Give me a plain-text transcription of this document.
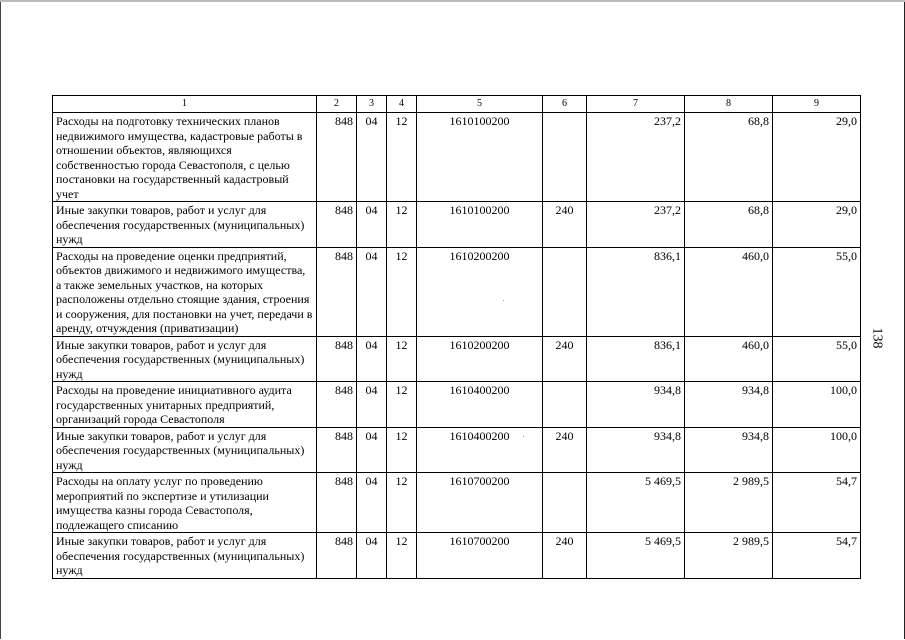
1	2	3	4	5	6	7	8	9
Расходы на подготовку технических планов недвижимого имущества, кадастровые работы в отношении объектов, являющихся собственностью города Севастополя, с целью постановки на государственный кадастровый учет	848	04	12	1610100200		237,2	68,8	29,0
Иные закупки товаров, работ и услуг для обеспечения государственных (муниципальных) нужд	848	04	12	1610100200	240	237,2	68,8	29,0
Расходы на проведение оценки предприятий, объектов движимого и недвижимого имущества, а также земельных участков, на которых расположены отдельно стоящие здания, строения и сооружения, для постановки на учет, передачи в аренду, отчуждения (приватизации)	848	04	12	1610200200		836,1	460,0	55,0
Иные закупки товаров, работ и услуг для обеспечения государственных (муниципальных) нужд	848	04	12	1610200200	240	836,1	460,0	55,0
Расходы на проведение инициативного аудита государственных унитарных предприятий, организаций города Севастополя	848	04	12	1610400200		934,8	934,8	100,0
Иные закупки товаров, работ и услуг для обеспечения государственных (муниципальных) нужд	848	04	12	1610400200	240	934,8	934,8	100,0
Расходы на оплату услуг по проведению мероприятий по экспертизе и утилизации имущества казны города Севастополя, подлежащего списанию	848	04	12	1610700200		5 469,5	2 989,5	54,7
Иные закупки товаров, работ и услуг для обеспечения государственных (муниципальных) нужд	848	04	12	1610700200	240	5 469,5	2 989,5	54,7
138
